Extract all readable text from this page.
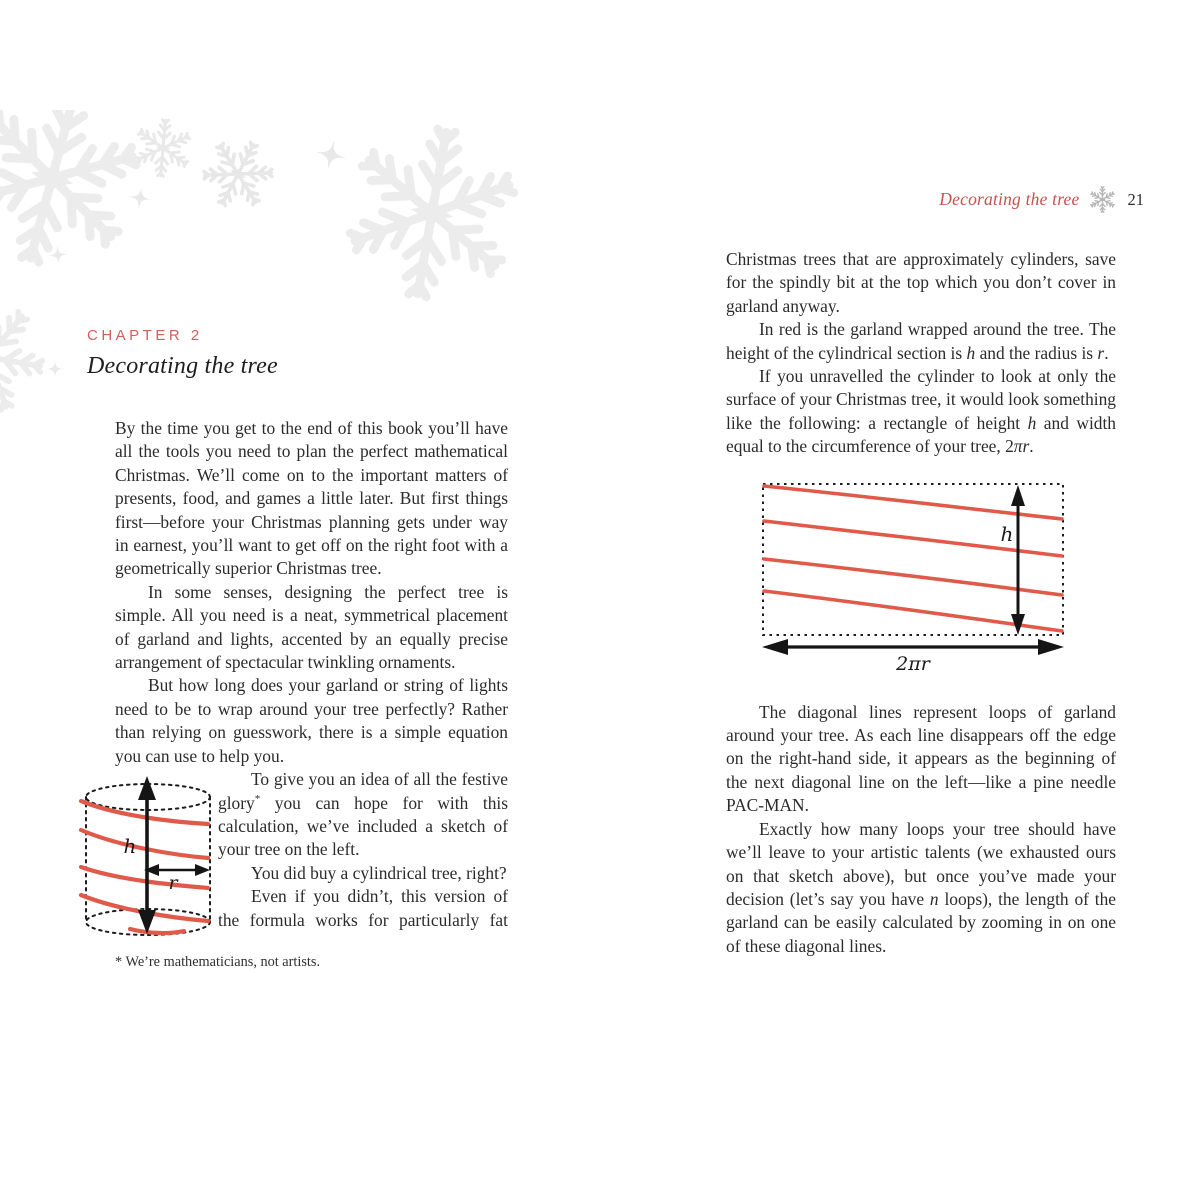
CHAPTER 2
Decorating the tree

By the time you get to the end of this book you’ll have all the tools you need to plan the perfect mathematical Christmas. We’ll come on to the important matters of presents, food, and games a little later. But first things first—before your Christmas planning gets under way in earnest, you’ll want to get off on the right foot with a geometrically superior Christmas tree.

In some senses, designing the perfect tree is simple. All you need is a neat, symmetrical placement of garland and lights, accented by an equally precise arrangement of spectacular twinkling ornaments.

But how long does your garland or string of lights need to be to wrap around your tree perfectly? Rather than relying on guesswork, there is a simple equation you can use to help you.

h
r

To give you an idea of all the festive glory* you can hope for with this calculation, we’ve included a sketch of your tree on the left.

You did buy a cylindrical tree, right?

Even if you didn’t, this version of the formula works for particularly fat

* We’re mathematicians, not artists.
Decorating the tree	21

Christmas trees that are approximately cylinders, save for the spindly bit at the top which you don’t cover in garland anyway.

In red is the garland wrapped around the tree. The height of the cylindrical section is h and the radius is r.

If you unravelled the cylinder to look at only the surface of your Christmas tree, it would look something like the following: a rectangle of height h and width equal to the circumference of your tree, 2πr.

h
2πr

The diagonal lines represent loops of garland around your tree. As each line disappears off the edge on the right-hand side, it appears as the beginning of the next diagonal line on the left—like a pine needle PAC-MAN.

Exactly how many loops your tree should have we’ll leave to your artistic talents (we exhausted ours on that sketch above), but once you’ve made your decision (let’s say you have n loops), the length of the garland can be easily calculated by zooming in on one of these diagonal lines.
